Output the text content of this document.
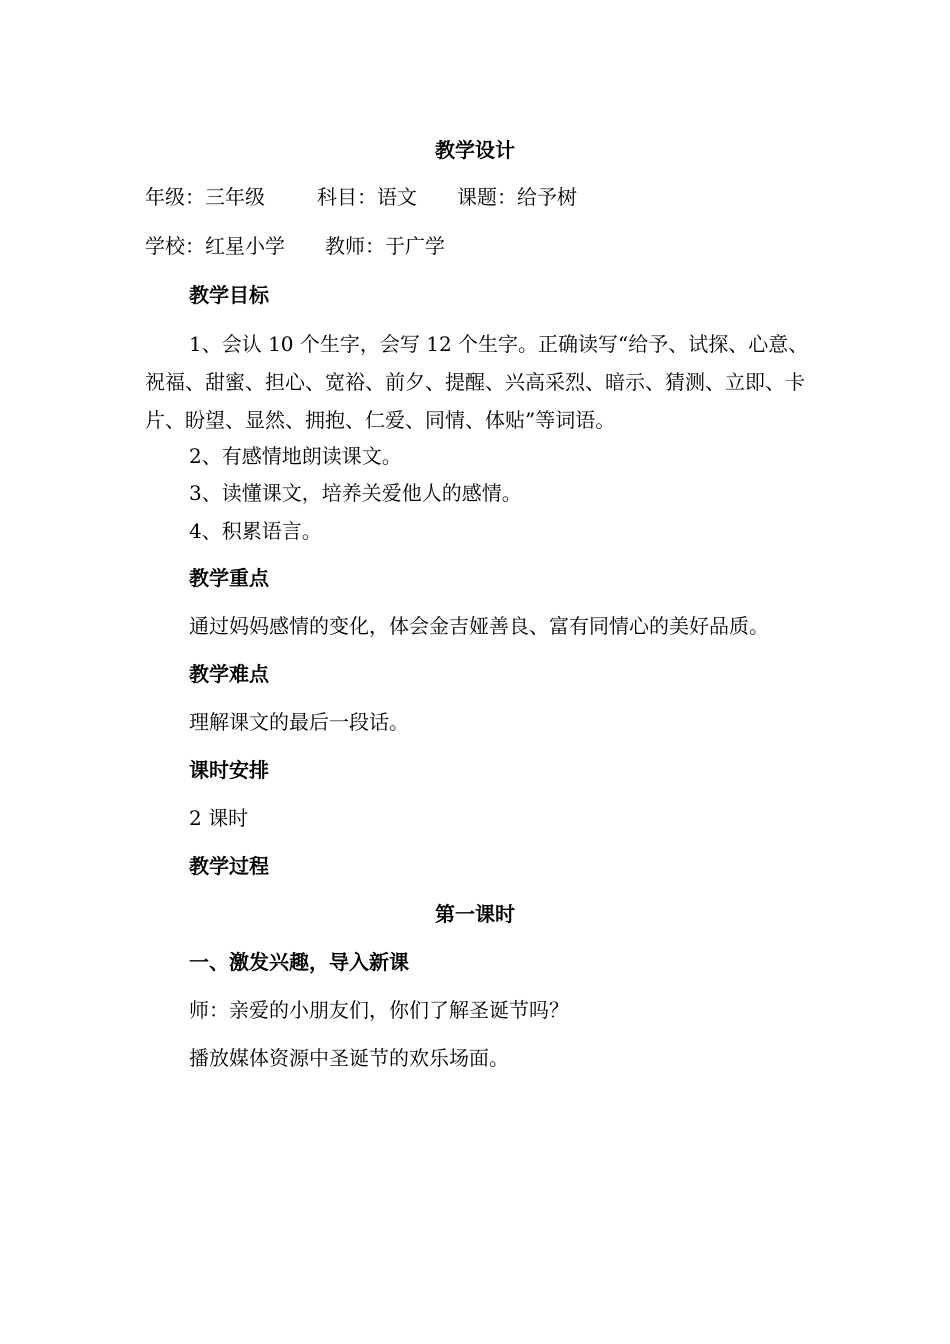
教学设计
年级：三年级	科目：语文 课题：给予树
学校：红星小学 教师：于广学
教学目标
1、会认 10 个生字，会写 12 个生字。正确读写“给予、试探、心意、祝福、甜蜜、担心、宽裕、前夕、提醒、兴高采烈、暗示、猜测、立即、卡片、盼望、显然、拥抱、仁爱、同情、体贴”等词语。
2、有感情地朗读课文。
3、读懂课文，培养关爱他人的感情。
4、积累语言。
教学重点
通过妈妈感情的变化，体会金吉娅善良、富有同情心的美好品质。
教学难点
理解课文的最后一段话。
课时安排
2 课时
教学过程
第一课时
一、激发兴趣，导入新课
师：亲爱的小朋友们，你们了解圣诞节吗？
播放媒体资源中圣诞节的欢乐场面。
